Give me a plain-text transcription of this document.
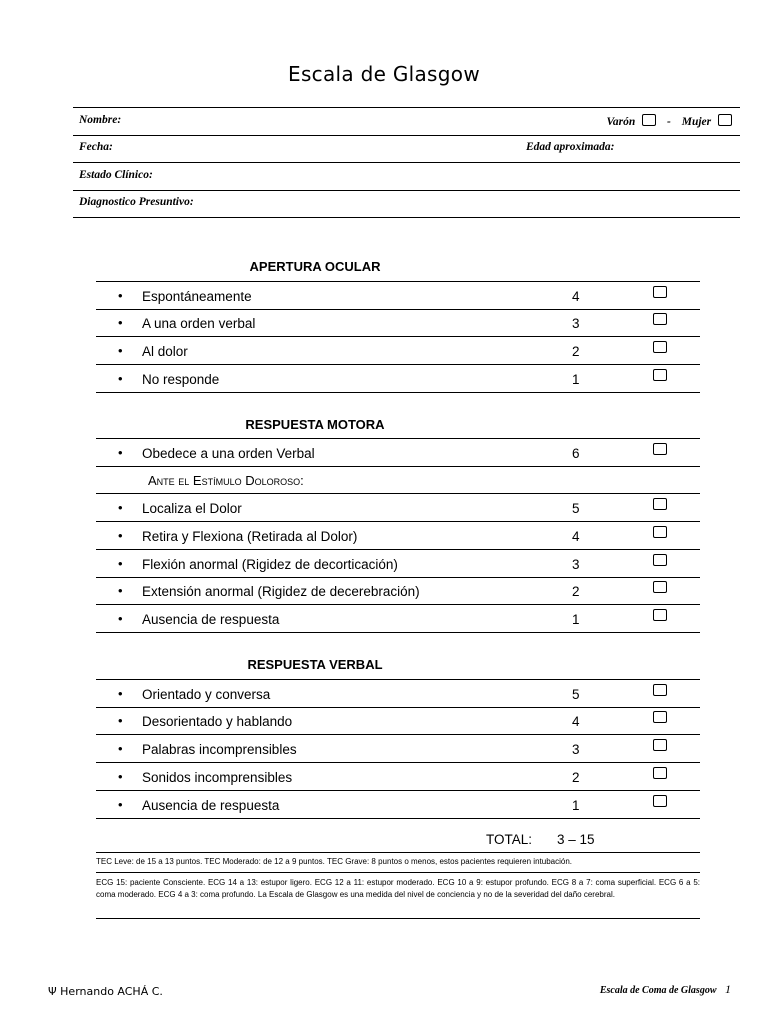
Escala de Glasgow
Nombre:	Varón	- Mujer
Fecha:	Edad aproximada:
Estado Clínico:
Diagnostico Presuntivo:
APERTURA OCULAR
• Espontáneamente	4
• A una orden verbal	3
• Al dolor	2
• No responde	1
RESPUESTA MOTORA
• Obedece a una orden Verbal	6
Ante el Estímulo Doloroso:
• Localiza el Dolor	5
• Retira y Flexiona (Retirada al Dolor)	4
• Flexión anormal (Rigidez de decorticación)	3
• Extensión anormal (Rigidez de decerebración)	2
• Ausencia de respuesta	1
RESPUESTA VERBAL
• Orientado y conversa	5
• Desorientado y hablando	4
• Palabras incomprensibles	3
• Sonidos incomprensibles	2
• Ausencia de respuesta	1
TOTAL: 3 – 15
TEC Leve: de 15 a 13 puntos. TEC Moderado: de 12 a 9 puntos. TEC Grave: 8 puntos o menos, estos pacientes requieren intubación.
ECG 15: paciente Consciente. ECG 14 a 13: estupor ligero. ECG 12 a 11: estupor moderado. ECG 10 a 9: estupor profundo. ECG 8 a 7: coma superficial. ECG 6 a 5: coma moderado. ECG 4 a 3: coma profundo. La Escala de Glasgow es una medida del nivel de conciencia y no de la severidad del daño cerebral.
Ψ Hernando ACHÁ C.	Escala de Coma de Glasgow 1
